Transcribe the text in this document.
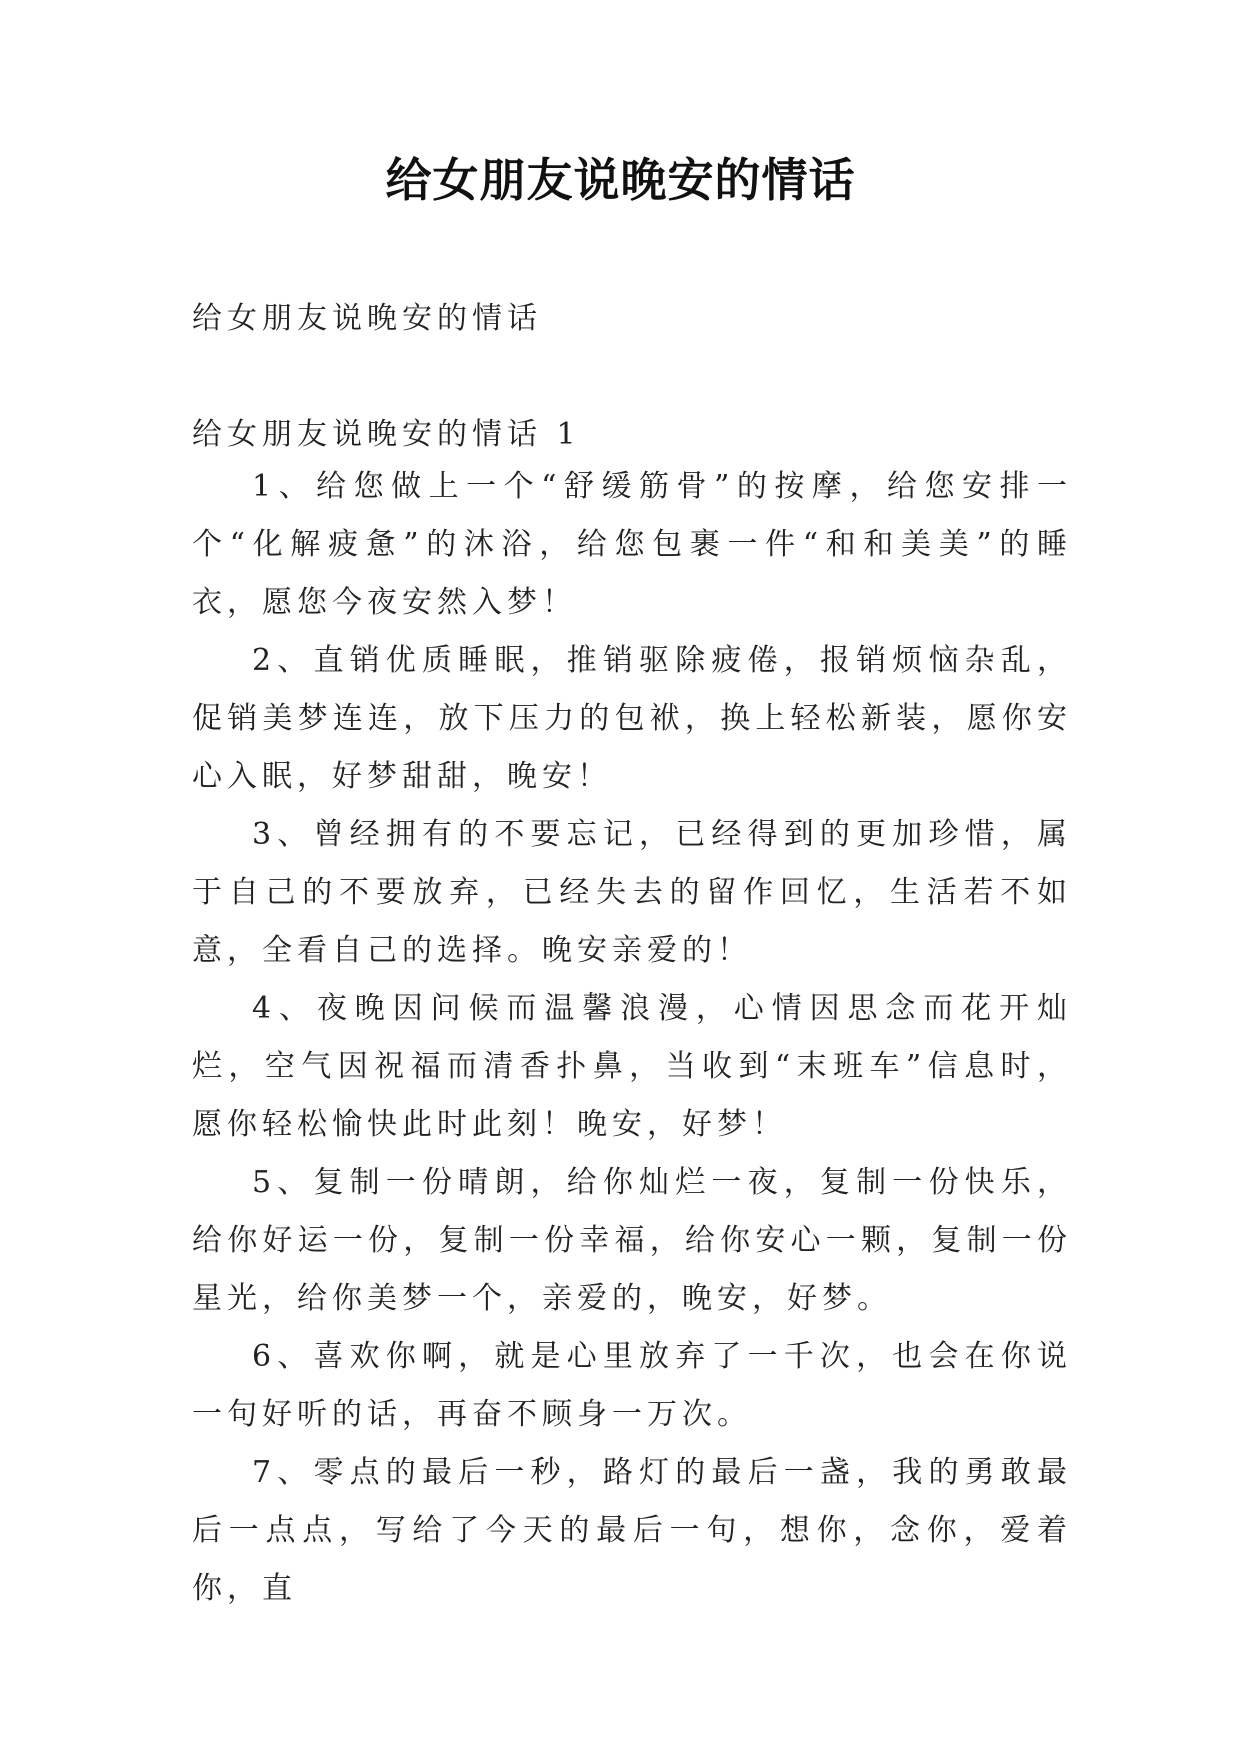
给女朋友说晚安的情话
给女朋友说晚安的情话
给女朋友说晚安的情话 1

1、给您做上一个“舒缓筋骨”的按摩，给您安排一个“化解疲惫”的沐浴，给您包裹一件“和和美美”的睡衣，愿您今夜安然入梦！

2、直销优质睡眠，推销驱除疲倦，报销烦恼杂乱，促销美梦连连，放下压力的包袱，换上轻松新装，愿你安心入眠，好梦甜甜，晚安！

3、曾经拥有的不要忘记，已经得到的更加珍惜，属于自己的不要放弃，已经失去的留作回忆，生活若不如意，全看自己的选择。晚安亲爱的！

4、夜晚因问候而温馨浪漫，心情因思念而花开灿烂，空气因祝福而清香扑鼻，当收到“末班车”信息时，愿你轻松愉快此时此刻！晚安，好梦！

5、复制一份晴朗，给你灿烂一夜，复制一份快乐，给你好运一份，复制一份幸福，给你安心一颗，复制一份星光，给你美梦一个，亲爱的，晚安，好梦。

6、喜欢你啊，就是心里放弃了一千次，也会在你说一句好听的话，再奋不顾身一万次。

7、零点的最后一秒，路灯的最后一盏，我的勇敢最后一点点，写给了今天的最后一句，想你，念你，爱着你，直
